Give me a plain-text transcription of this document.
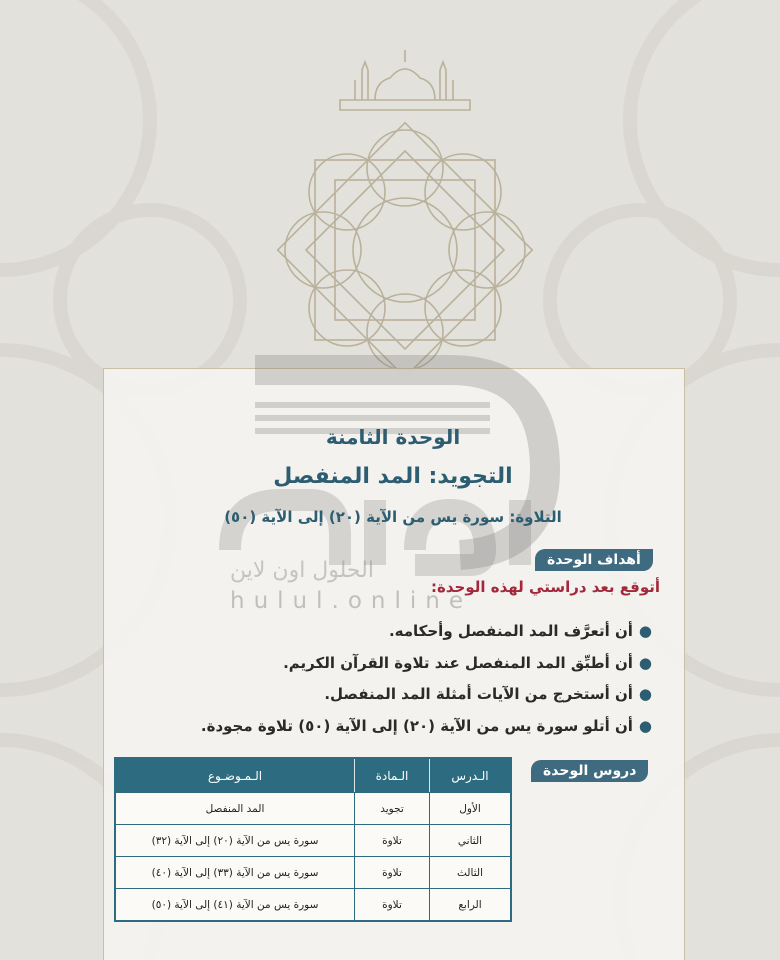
الحلول اون لاين
hulul.online
الوحدة الثامنة
التجويد: المد المنفصل
التلاوة: سورة يس من الآية (٢٠) إلى الآية (٥٠)
أهداف الوحدة
أتوقع بعد دراستي لهذه الوحدة:
●أن أتعرَّف المد المنفصل وأحكامه.
●أن أطبِّق المد المنفصل عند تلاوة القرآن الكريم.
●أن أستخرج من الآيات أمثلة المد المنفصل.
●أن أتلو سورة يس من الآية (٢٠) إلى الآية (٥٠) تلاوة مجودة.
دروس الوحدة
الـدرس	الـمادة	الـمـوضـوع
الأول	تجويد	المد المنفصل
الثاني	تلاوة	سورة يس من الآية (٢٠) إلى الآية (٣٢)
الثالث	تلاوة	سورة يس من الآية (٣٣) إلى الآية (٤٠)
الرابع	تلاوة	سورة يس من الآية (٤١) إلى الآية (٥٠)
